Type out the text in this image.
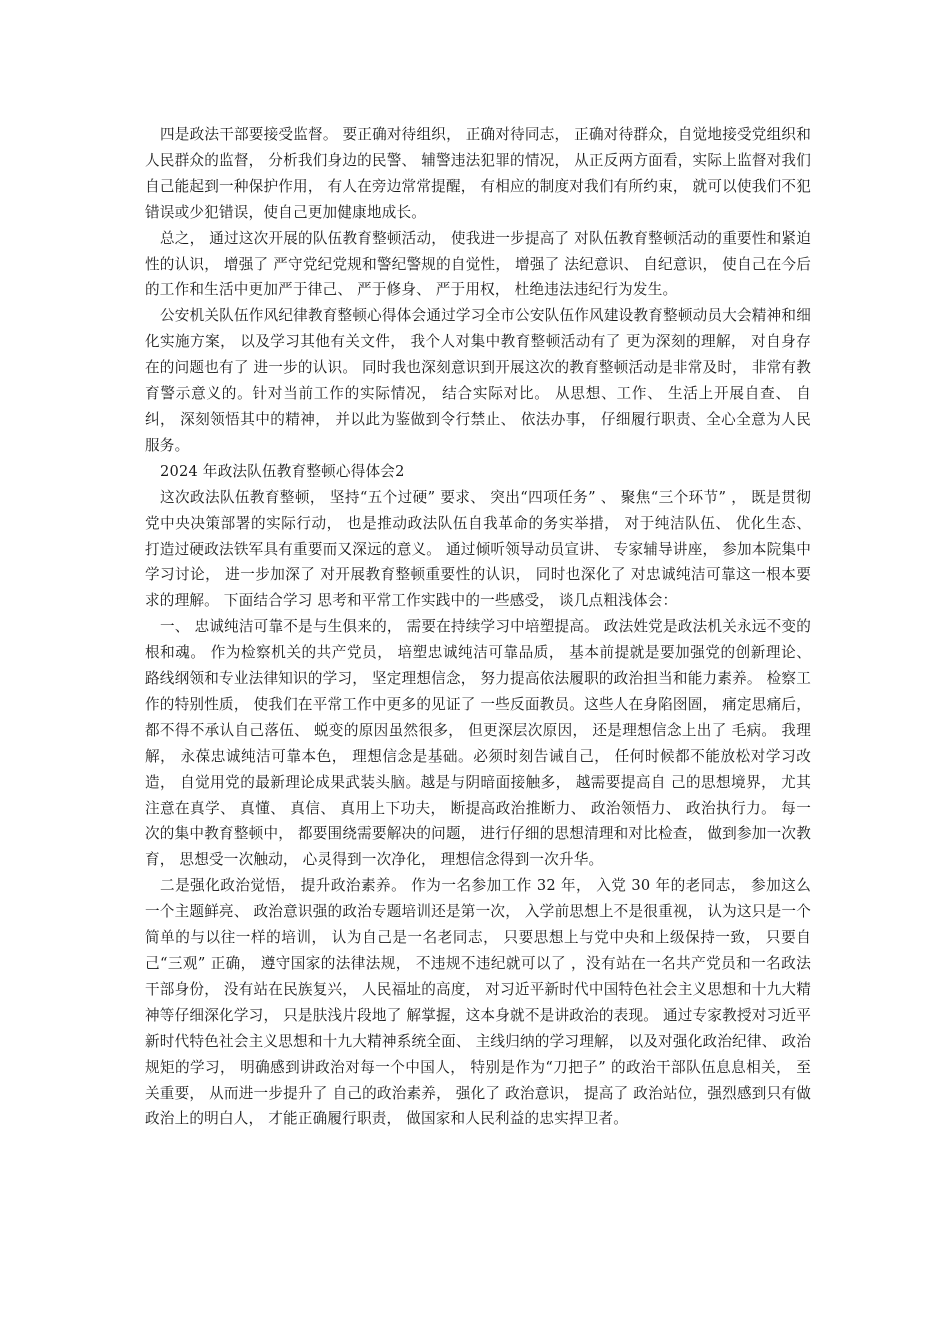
四是政法干部要接受监督。 要正确对待组织， 正确对待同志， 正确对待群众，自觉地接受党组织和人民群众的监督， 分析我们身边的民警、 辅警违法犯罪的情况， 从正反两方面看，实际上监督对我们自己能起到一种保护作用， 有人在旁边常常提醒， 有相应的制度对我们有所约束， 就可以使我们不犯错误或少犯错误，使自己更加健康地成长。

总之， 通过这次开展的队伍教育整顿活动， 使我进一步提高了 对队伍教育整顿活动的重要性和紧迫性的认识， 增强了 严守党纪党规和警纪警规的自觉性， 增强了 法纪意识、 自纪意识， 使自己在今后的工作和生活中更加严于律己、 严于修身、 严于用权， 杜绝违法违纪行为发生。

公安机关队伍作风纪律教育整顿心得体会通过学习全市公安队伍作风建设教育整顿动员大会精神和细化实施方案， 以及学习其他有关文件， 我个人对集中教育整顿活动有了 更为深刻的理解， 对自身存在的问题也有了 进一步的认识。 同时我也深刻意识到开展这次的教育整顿活动是非常及时， 非常有教育警示意义的。针对当前工作的实际情况， 结合实际对比。 从思想、工作、 生活上开展自查、 自纠， 深刻领悟其中的精神， 并以此为鉴做到令行禁止、 依法办事， 仔细履行职责、全心全意为人民服务。

2024 年政法队伍教育整顿心得体会2

这次政法队伍教育整顿， 坚持“五个过硬” 要求、 突出“四项任务” 、 聚焦“三个环节” ， 既是贯彻党中央决策部署的实际行动， 也是推动政法队伍自我革命的务实举措， 对于纯洁队伍、 优化生态、 打造过硬政法铁军具有重要而又深远的意义。 通过倾听领导动员宣讲、 专家辅导讲座， 参加本院集中学习讨论， 进一步加深了 对开展教育整顿重要性的认识， 同时也深化了 对忠诚纯洁可靠这一根本要求的理解。 下面结合学习 思考和平常工作实践中的一些感受， 谈几点粗浅体会：

一、 忠诚纯洁可靠不是与生俱来的， 需要在持续学习中培塑提高。 政法姓党是政法机关永远不变的根和魂。 作为检察机关的共产党员， 培塑忠诚纯洁可靠品质， 基本前提就是要加强党的创新理论、 路线纲领和专业法律知识的学习， 坚定理想信念， 努力提高依法履职的政治担当和能力素养。 检察工作的特别性质， 使我们在平常工作中更多的见证了 一些反面教员。这些人在身陷囹圄， 痛定思痛后，都不得不承认自己落伍、 蜕变的原因虽然很多， 但更深层次原因， 还是理想信念上出了 毛病。 我理解， 永葆忠诚纯洁可靠本色， 理想信念是基础。必须时刻告诫自己， 任何时候都不能放松对学习改造， 自觉用党的最新理论成果武装头脑。越是与阴暗面接触多， 越需要提高自 己的思想境界， 尤其注意在真学、 真懂、 真信、 真用上下功夫， 断提高政治推断力、 政治领悟力、 政治执行力。 每一次的集中教育整顿中， 都要围绕需要解决的问题， 进行仔细的思想清理和对比检查， 做到参加一次教育， 思想受一次触动， 心灵得到一次净化， 理想信念得到一次升华。

二是强化政治觉悟， 提升政治素养。 作为一名参加工作 32 年， 入党 30 年的老同志， 参加这么一个主题鲜亮、 政治意识强的政治专题培训还是第一次， 入学前思想上不是很重视， 认为这只是一个简单的与以往一样的培训， 认为自己是一名老同志， 只要思想上与党中央和上级保持一致， 只要自己“三观” 正确， 遵守国家的法律法规， 不违规不违纪就可以了 ，没有站在一名共产党员和一名政法干部身份， 没有站在民族复兴， 人民福址的高度， 对习近平新时代中国特色社会主义思想和十九大精神等仔细深化学习， 只是肤浅片段地了 解掌握，这本身就不是讲政治的表现。 通过专家教授对习近平新时代特色社会主义思想和十九大精神系统全面、 主线归纳的学习理解， 以及对强化政治纪律、 政治规矩的学习， 明确感到讲政治对每一个中国人， 特别是作为“刀把子” 的政治干部队伍息息相关， 至关重要， 从而进一步提升了 自己的政治素养， 强化了 政治意识， 提高了 政治站位，强烈感到只有做政治上的明白人， 才能正确履行职责， 做国家和人民利益的忠实捍卫者。
